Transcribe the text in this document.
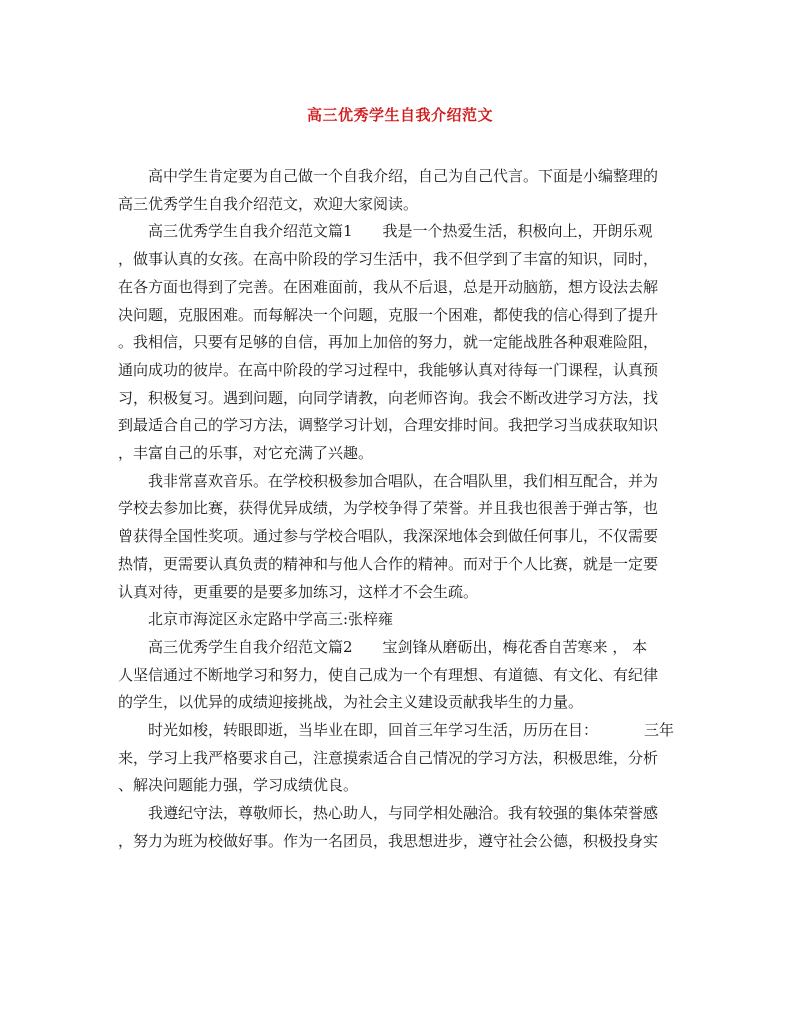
高三优秀学生自我介绍范文
高中学生肯定要为自己做一个自我介绍，自己为自己代言。下面是小编整理的
高三优秀学生自我介绍范文，欢迎大家阅读。
高三优秀学生自我介绍范文篇1 我是一个热爱生活，积极向上，开朗乐观
，做事认真的女孩。在高中阶段的学习生活中，我不但学到了丰富的知识，同时，
在各方面也得到了完善。在困难面前，我从不后退，总是开动脑筋，想方设法去解
决问题，克服困难。而每解决一个问题，克服一个困难，都使我的信心得到了提升
。我相信，只要有足够的自信，再加上加倍的努力，就一定能战胜各种艰难险阻，
通向成功的彼岸。在高中阶段的学习过程中，我能够认真对待每一门课程，认真预
习，积极复习。遇到问题，向同学请教，向老师咨询。我会不断改进学习方法，找
到最适合自己的学习方法，调整学习计划，合理安排时间。我把学习当成获取知识
，丰富自己的乐事，对它充满了兴趣。
我非常喜欢音乐。在学校积极参加合唱队，在合唱队里，我们相互配合，并为
学校去参加比赛，获得优异成绩，为学校争得了荣誉。并且我也很善于弹古筝，也
曾获得全国性奖项。通过参与学校合唱队，我深深地体会到做任何事儿，不仅需要
热情，更需要认真负责的精神和与他人合作的精神。而对于个人比赛，就是一定要
认真对待，更重要的是要多加练习，这样才不会生疏。
北京市海淀区永定路中学高三:张梓雍
高三优秀学生自我介绍范文篇2 宝剑锋从磨砺出，梅花香自苦寒来 ， 本
人坚信通过不断地学习和努力，使自己成为一个有理想、有道德、有文化、有纪律
的学生，以优异的成绩迎接挑战，为社会主义建设贡献我毕生的力量。
时光如梭，转眼即逝，当毕业在即，回首三年学习生活，历历在目：	三年
来，学习上我严格要求自己，注意摸索适合自己情况的学习方法，积极思维，分析
、解决问题能力强，学习成绩优良。
我遵纪守法，尊敬师长，热心助人，与同学相处融洽。我有较强的集体荣誉感
，努力为班为校做好事。作为一名团员，我思想进步，遵守社会公德，积极投身实
